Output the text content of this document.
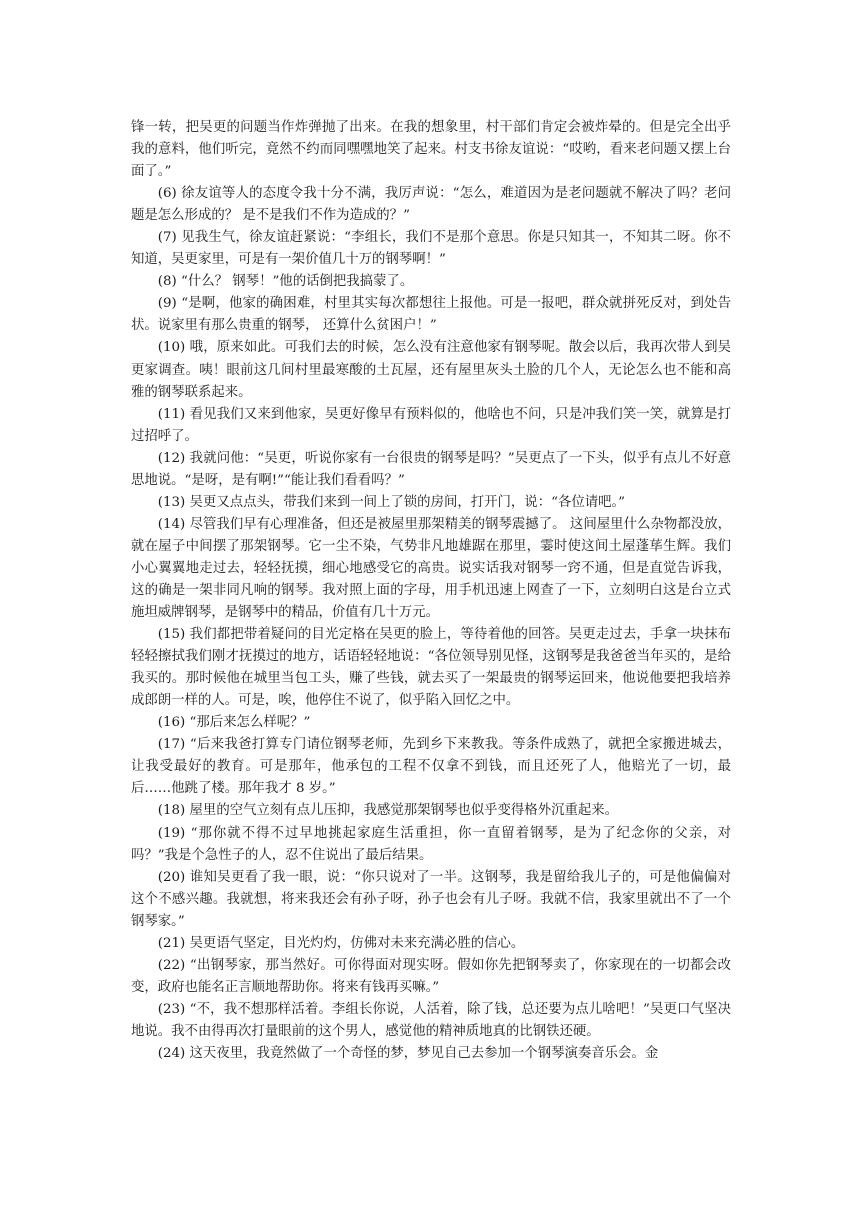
锋一转，把吴更的问题当作炸弹抛了出来。在我的想象里，村干部们肯定会被炸晕的。但是完全出乎我的意料，他们听完，竟然不约而同嘿嘿地笑了起来。村支书徐友谊说：“哎哟，看来老问题又摆上台面了。”

(6) 徐友谊等人的态度令我十分不满，我厉声说：“怎么，难道因为是老问题就不解决了吗？老问题是怎么形成的？ 是不是我们不作为造成的？”

(7) 见我生气，徐友谊赶紧说：“李组长，我们不是那个意思。你是只知其一，不知其二呀。你不知道，吴更家里，可是有一架价值几十万的钢琴啊！”

(8) “什么？ 钢琴！”他的话倒把我搞蒙了。

(9) “是啊，他家的确困难，村里其实每次都想往上报他。可是一报吧，群众就拼死反对，到处告状。说家里有那么贵重的钢琴， 还算什么贫困户！”

(10) 哦，原来如此。可我们去的时候，怎么没有注意他家有钢琴呢。散会以后，我再次带人到吴更家调查。咦！眼前这几间村里最寒酸的土瓦屋，还有屋里灰头土脸的几个人，无论怎么也不能和高雅的钢琴联系起来。

(11) 看见我们又来到他家，吴更好像早有预料似的，他啥也不问，只是冲我们笑一笑，就算是打过招呼了。

(12) 我就问他：“吴更，听说你家有一台很贵的钢琴是吗？”吴更点了一下头，似乎有点儿不好意思地说。“是呀，是有啊!”“能让我们看看吗？”

(13) 吴更又点点头，带我们来到一间上了锁的房间，打开门，说：“各位请吧。”

(14) 尽管我们早有心理准备，但还是被屋里那架精美的钢琴震撼了。 这间屋里什么杂物都没放，就在屋子中间摆了那架钢琴。它一尘不染，气势非凡地雄踞在那里，霎时使这间土屋蓬荜生辉。我们小心翼翼地走过去，轻轻抚摸，细心地感受它的高贵。说实话我对钢琴一窍不通，但是直觉告诉我，这的确是一架非同凡响的钢琴。我对照上面的字母，用手机迅速上网查了一下，立刻明白这是台立式施坦威牌钢琴，是钢琴中的精品，价值有几十万元。

(15) 我们都把带着疑问的目光定格在吴更的脸上，等待着他的回答。吴更走过去，手拿一块抹布轻轻擦拭我们刚才抚摸过的地方，话语轻轻地说：“各位领导别见怪，这钢琴是我爸爸当年买的，是给我买的。那时候他在城里当包工头，赚了些钱，就去买了一架最贵的钢琴运回来，他说他要把我培养成郎朗一样的人。可是，唉，他停住不说了，似乎陷入回忆之中。

(16) “那后来怎么样呢？”

(17) “后来我爸打算专门请位钢琴老师，先到乡下来教我。等条件成熟了，就把全家搬进城去，让我受最好的教育。可是那年，他承包的工程不仅拿不到钱，而且还死了人，他赔光了一切，最后……他跳了楼。那年我才 8 岁。”

(18) 屋里的空气立刻有点儿压抑，我感觉那架钢琴也似乎变得格外沉重起来。

(19) “那你就不得不过早地挑起家庭生活重担，你一直留着钢琴，是为了纪念你的父亲，对吗？”我是个急性子的人，忍不住说出了最后结果。

(20) 谁知吴更看了我一眼，说：“你只说对了一半。这钢琴，我是留给我儿子的，可是他偏偏对这个不感兴趣。我就想，将来我还会有孙子呀，孙子也会有儿子呀。我就不信，我家里就出不了一个钢琴家。”

(21) 吴更语气坚定，目光灼灼，仿佛对未来充满必胜的信心。

(22) “出钢琴家，那当然好。可你得面对现实呀。假如你先把钢琴卖了，你家现在的一切都会改变，政府也能名正言顺地帮助你。将来有钱再买嘛。”

(23) “不，我不想那样活着。李组长你说，人活着，除了钱，总还要为点儿啥吧！”吴更口气坚决地说。我不由得再次打量眼前的这个男人，感觉他的精神质地真的比钢铁还硬。

(24) 这天夜里，我竟然做了一个奇怪的梦，梦见自己去参加一个钢琴演奏音乐会。金
